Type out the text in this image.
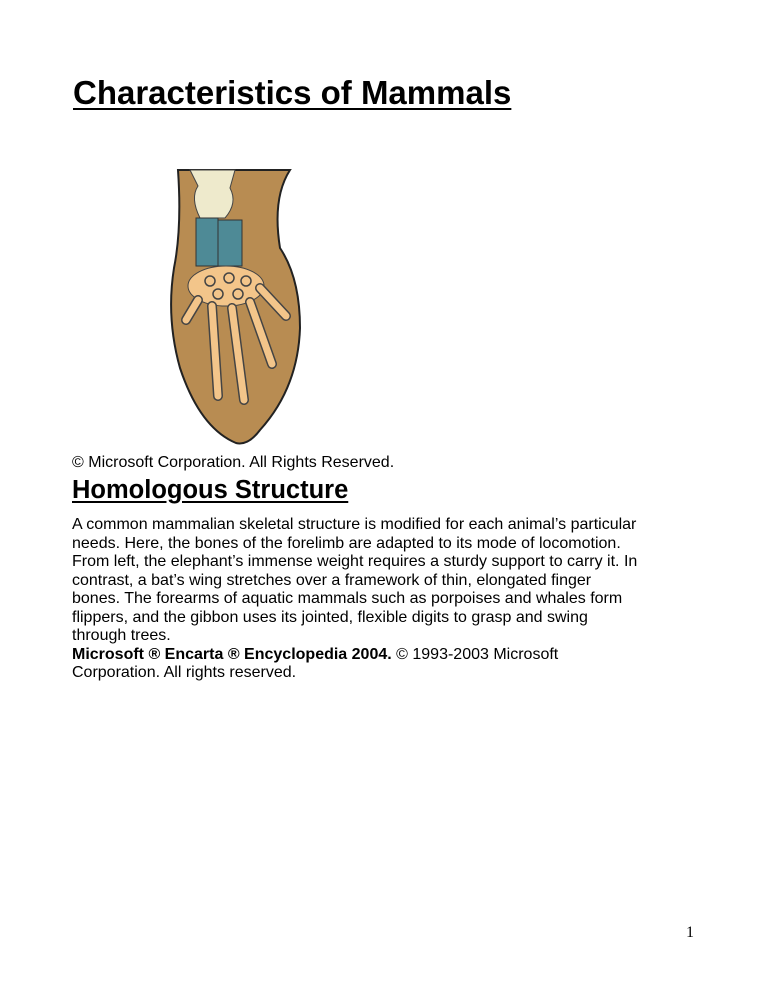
Characteristics of Mammals
© Microsoft Corporation. All Rights Reserved.
Homologous Structure
A common mammalian skeletal structure is modified for each animal’s particular
needs. Here, the bones of the forelimb are adapted to its mode of locomotion.
From left, the elephant’s immense weight requires a sturdy support to carry it. In
contrast, a bat’s wing stretches over a framework of thin, elongated finger
bones. The forearms of aquatic mammals such as porpoises and whales form
flippers, and the gibbon uses its jointed, flexible digits to grasp and swing
through trees.
Microsoft ® Encarta ® Encyclopedia 2004. © 1993-2003 Microsoft
Corporation. All rights reserved.
1
